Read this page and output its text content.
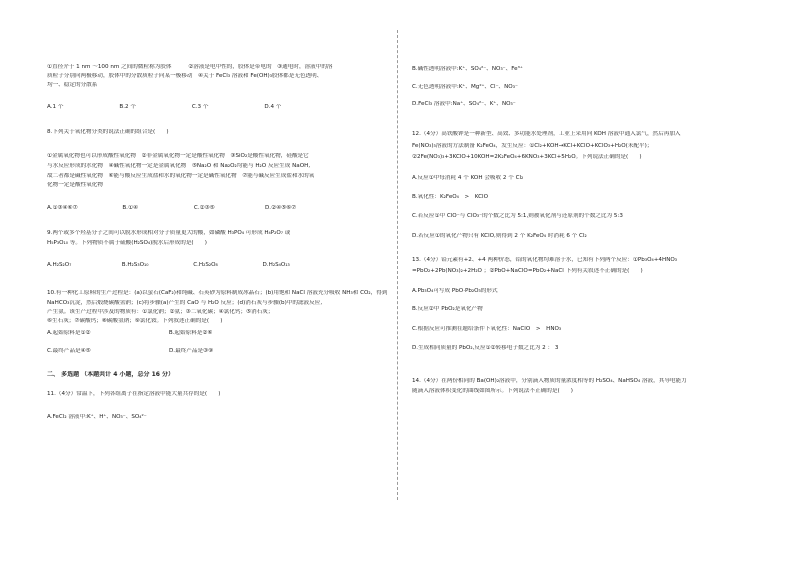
①直径介于 1 nm ～100 nm 之间的微粒称为胶体　　　②溶液是电中性的，胶体是带电的　③通电时，溶液中的溶
质粒子分别向两极移动，胶体中的分散质粒子向某一极移动　④关于 FeCl₃ 溶液和 Fe(OH)₃胶体都是无色透明、
均一、稳定的分散系
A.1 个　　　　　　　　　　B.2 个　　　　　　　　　　C.3 个　　　　　　　　　　D.4 个
8.下列关于氧化物分类的说法正确的组合是(　　)
①金属氧化物也可以形成酸性氧化物　②非金属氧化物一定是酸性氧化物　③SiO₂是酸性氧化物，硅酸是它
与水反应形成的水化物　④碱性氧化物一定是金属氧化物　⑤Na₂O 和 Na₂O₂均能与 H₂O 反应生成 NaOH,
故二者都是碱性氧化物　⑥能与酸反应生成盐和水的氧化物一定是碱性氧化物　⑦能与碱反应生成盐和水的氧
化物一定是酸性氧化物
A.①③④⑥⑦　　　　　　　　B.①④　　　　　　　　　　C.②③⑤　　　　　　　　　D.②④⑤⑥⑦
9.两个或多个羟基分子之间可以脱水形成相对分子质量更大的酸，如磷酸 H₃PO₄ 可形成 H₄P₂O₇ 或
H₅P₃O₁₀ 等。下列物质不属于硫酸(H₂SO₄)脱水后形成的是(　　)
A.H₂S₂O₇　　　　　　　　　B.H₂S₃O₁₀　　　　　　　　C.H₂S₂O₈　　　　　　　　D.H₂S₄O₁₃
10.有一种化工原料的生产过程是：(a)以萤石(CaF₂)和纯碱、石英砂为原料制成冰晶石；(b)用饱和 NaCl 溶液充分吸收 NH₃和 CO₂，得到
NaHCO₃沉淀，然后煅烧碳酸氢钠；(c)将步骤(a)产生的 CaO 与 H₂O 反应；(d)消石灰与步骤(b)中的滤液反应,
产生氨。该生产过程中涉及的物质有：①氯化钠；②氨；③二氧化碳；④氯化钙；⑤消石灰；
⑥生石灰；⑦碳酸钙；⑧碳酸氢钠；⑨氯化铵。下列叙述正确的是(　　)
A.起始原料是①②　　　　　　　　　　　　　　B.起始原料是②⑥
C.最终产品是④⑤　　　　　　　　　　　　　　D.最终产品是③⑨
二、 多选题 （本题共计 4 小题，总分 16 分）
11.（4分）常温下，下列各组离子在指定溶液中能大量共存的是(　　)
A.FeCl₂ 溶液中:K⁺、H⁺、NO₃⁻、SO₄²⁻
B.碱性透明溶液中:K⁺、SO₄²⁻、NO₃⁻、Fe³⁺
C.无色透明溶液中:K⁺、Mg²⁺、Cl⁻、NO₃⁻
D.FeCl₃ 溶液中:Na⁺、SO₄²⁻、K⁺、NO₃⁻
12.（4分）高铁酸钾是一种新型、高效、多功能水处理剂，工业上采用向 KOH 溶液中通入氯气，然后再加入
Fe(NO₃)₃溶液的方法制备 K₂FeO₄，发生反应：①Cl₂+KOH→KCl+KClO+KClO₃+H₂O(未配平)；
②2Fe(NO₃)₃+3KClO+10KOH=2K₂FeO₄+6KNO₃+3KCl+5H₂O。下列说法正确的是(　　)
A.反应①中每消耗 4 个 KOH 会吸收 2 个 Cl₂
B.氧化性：K₂FeO₄　>　KClO
C.若反应①中 ClO⁻与 ClO₃⁻的个数之比为 5:1,则被氧化剂与还原剂的个数之比为 5:3
D.若反应①的氧化产物只有 KClO,则得到 2 个 K₂FeO₄ 时消耗 6 个 Cl₂
13.（4分）铅元素有+2、+4 两种价态，铅的氧化物均难溶于水，已知有下列两个反应：①Pb₃O₄+4HNO₃
=PbO₂+2Pb(NO₃)₂+2H₂O ；②PbO+NaClO=PbO₂+NaCl 下列有关叙述不正确的是(　　)
A.Pb₃O₄可写成 PbO·Pb₂O₃的形式
B.反应②中 PbO₂是氧化产物
C.根据反应可推测在题给条件下氧化性：NaClO　>　HNO₃
D.生成相同质量的 PbO₂,反应①②转移电子数之比为 2 ： 3
14.（4分）在两份相同的 Ba(OH)₂溶液中，分别滴入物质的量浓度相等的 H₂SO₄、NaHSO₄ 溶液，其导电能力
随滴入溶液体积变化的曲线如图所示。下列说法不正确的是(　　)
